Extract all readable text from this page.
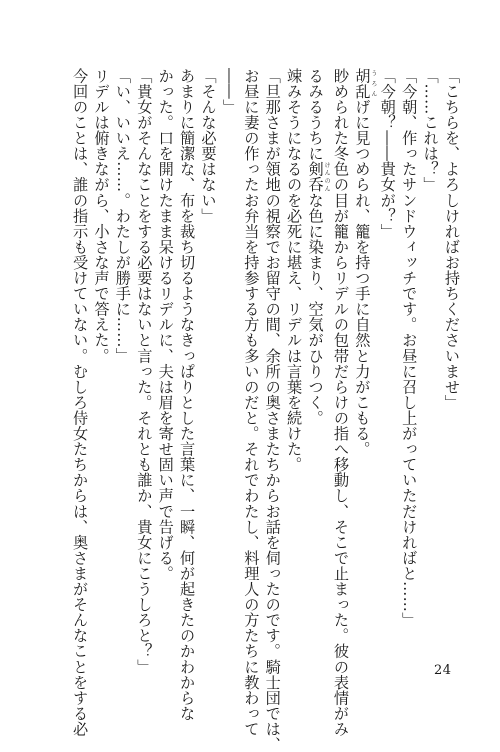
「こちらを、よろしければお持ちくださいませ」
「……これは？」
「今朝、作ったサンドウィッチです。お昼に召し上がっていただければと……」
「今朝？――貴女が？」
胡乱うろんげに見つめられ、籠を持つ手に自然と力がこもる。
眇められた冬色の目が籠からリデルの包帯だらけの指へ移動し、そこで止まった。彼の表情がみ
るみるうちに剣呑けんのんな色に染まり、空気がひりつく。
竦みそうになるのを必死に堪え、リデルは言葉を続けた。
「旦那さまが領地の視察でお留守の間、余所の奥さまたちからお話を伺ったのです。騎士団では、
お昼に妻の作ったお弁当を持参する方も多いのだと。それでわたし、料理人の方たちに教わって
――」
「そんな必要はない」
あまりに簡潔な、布を裁ち切るようなきっぱりとした言葉に、一瞬、何が起きたのかわからな
かった。口を開けたまま呆けるリデルに、夫は眉を寄せ固い声で告げる。
「貴女がそんなことをする必要はないと言った。それとも誰か、貴女にこうしろと？」
「い、いいえ……。わたしが勝手に……」
リデルは俯きながら、小さな声で答えた。
今回のことは、誰の指示も受けていない。むしろ侍女たちからは、奥さまがそんなことをする必	24
